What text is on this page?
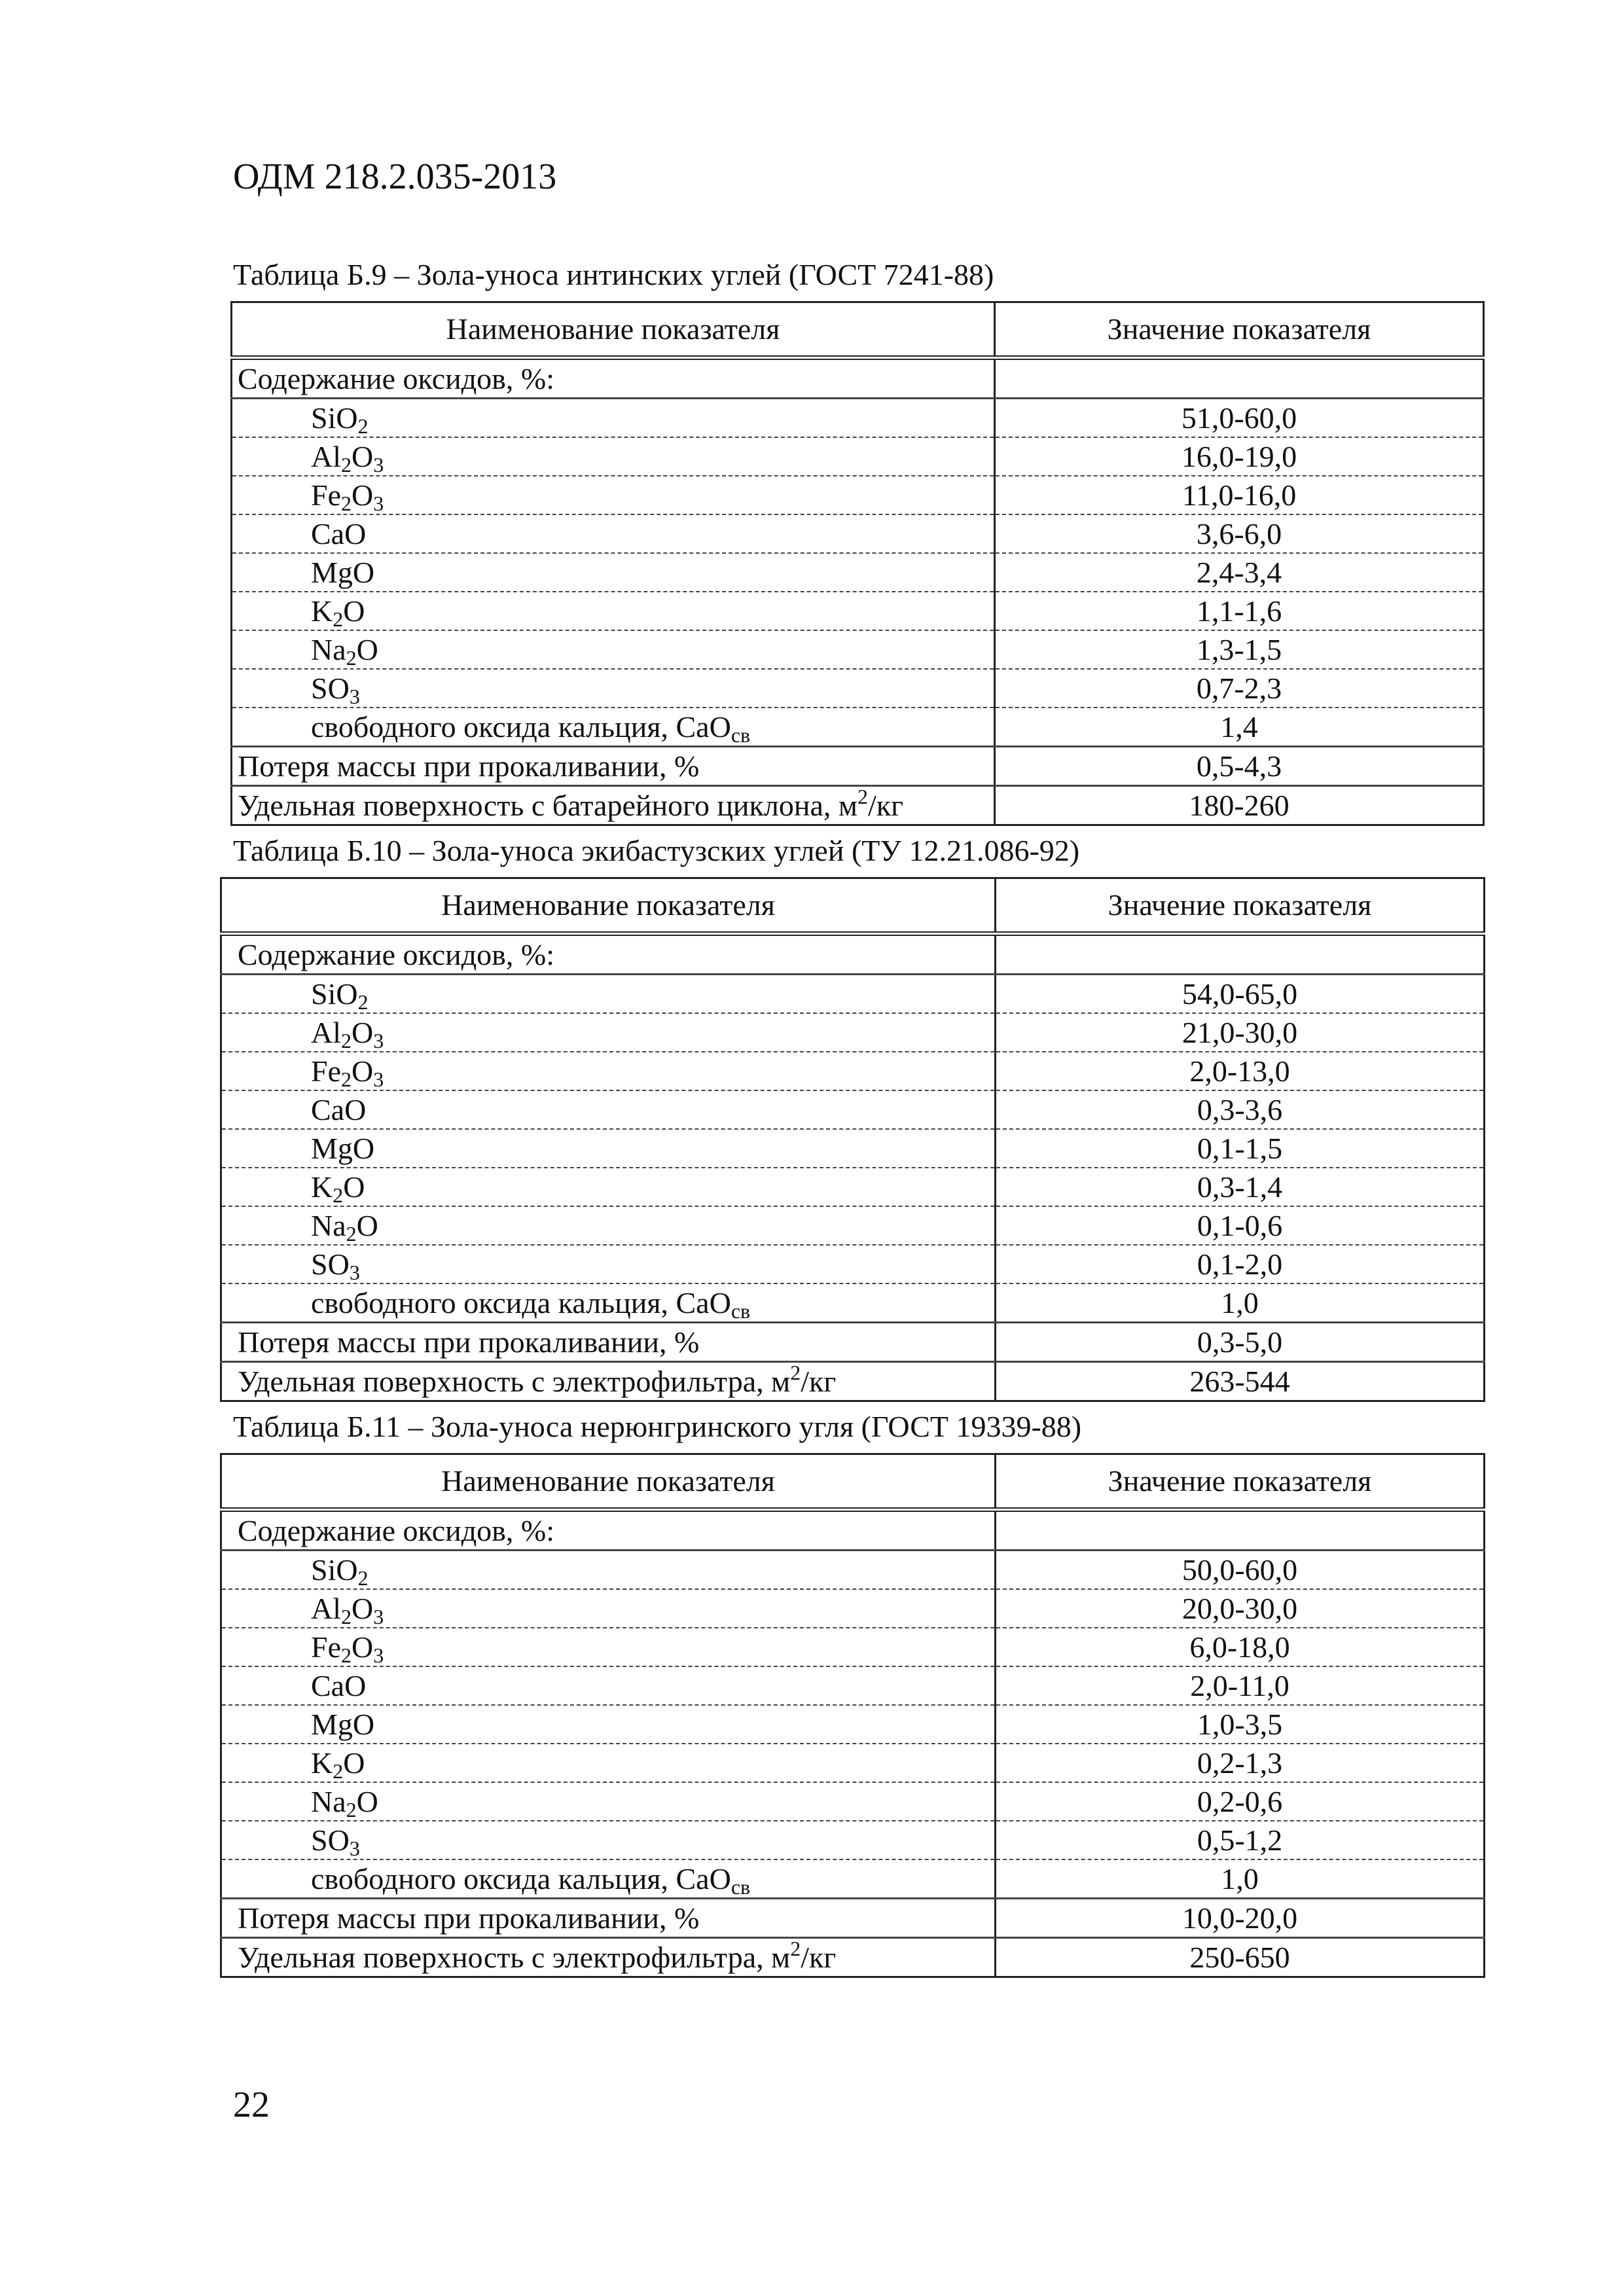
ОДМ 218.2.035-2013
Таблица Б.9 – Зола-уноса интинских углей (ГОСТ 7241-88)
Наименование показателя	Значение показателя
Содержание оксидов, %:	
SiO$_2$	51,0-60,0
$Al_2O_3$	16,0-19,0
$Fe_2O_3$	11,0-16,0
CaO	3,6-6,0
MgO	2,4-3,4
$K_2O$	1,1-1,6
$Na_2O$	1,3-1,5
$SO_3$	0,7-2,3
свободного оксида кальция, CaO$_{св}$	1,4
Потеря массы при прокаливании, %	0,5-4,3
Удельная поверхность с батарейного циклона, $м^2/кг$	180-260
Таблица Б.10 – Зола-уноса экибастузских углей (ТУ 12.21.086-92)
Наименование показателя	Значение показателя
Содержание оксидов, %:	
SiO$_2$	54,0-65,0
$Al_2O_3$	21,0-30,0
$Fe_2O_3$	2,0-13,0
CaO	0,3-3,6
MgO	0,1-1,5
$K_2O$	0,3-1,4
$Na_2O$	0,1-0,6
$SO_3$	0,1-2,0
свободного оксида кальция, CaO$_{св}$	1,0
Потеря массы при прокаливании, %	0,3-5,0
Удельная поверхность с электрофильтра, $м^2/кг$	263-544
Таблица Б.11 – Зола-уноса нерюнгринского угля (ГОСТ 19339-88)
Наименование показателя	Значение показателя
Содержание оксидов, %:	
SiO$_2$	50,0-60,0
$Al_2O_3$	20,0-30,0
$Fe_2O_3$	6,0-18,0
CaO	2,0-11,0
MgO	1,0-3,5
$K_2O$	0,2-1,3
$Na_2O$	0,2-0,6
$SO_3$	0,5-1,2
свободного оксида кальция, CaO$_{св}$	1,0
Потеря массы при прокаливании, %	10,0-20,0
Удельная поверхность с электрофильтра, $м^2/кг$	250-650
22
